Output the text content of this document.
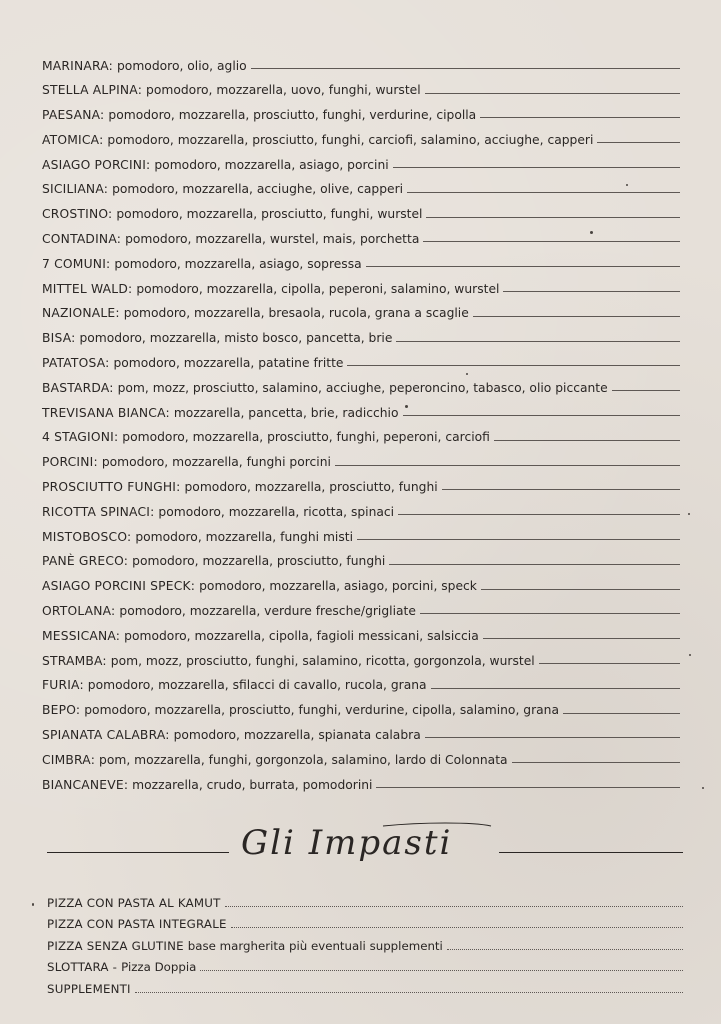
MARINARA: pomodoro, olio, aglio
STELLA ALPINA: pomodoro, mozzarella, uovo, funghi, wurstel
PAESANA: pomodoro, mozzarella, prosciutto, funghi, verdurine, cipolla
ATOMICA: pomodoro, mozzarella, prosciutto, funghi, carciofi, salamino, acciughe, capperi
ASIAGO PORCINI: pomodoro, mozzarella, asiago, porcini
SICILIANA: pomodoro, mozzarella, acciughe, olive, capperi
CROSTINO: pomodoro, mozzarella, prosciutto, funghi, wurstel
CONTADINA: pomodoro, mozzarella, wurstel, mais, porchetta
7 COMUNI: pomodoro, mozzarella, asiago, sopressa
MITTEL WALD: pomodoro, mozzarella, cipolla, peperoni, salamino, wurstel
NAZIONALE: pomodoro, mozzarella, bresaola, rucola, grana a scaglie
BISA: pomodoro, mozzarella, misto bosco, pancetta, brie
PATATOSA: pomodoro, mozzarella, patatine fritte
BASTARDA: pom, mozz, prosciutto, salamino, acciughe, peperoncino, tabasco, olio piccante
TREVISANA BIANCA: mozzarella, pancetta, brie, radicchio
4 STAGIONI: pomodoro, mozzarella, prosciutto, funghi, peperoni, carciofi
PORCINI: pomodoro, mozzarella, funghi porcini
PROSCIUTTO FUNGHI: pomodoro, mozzarella, prosciutto, funghi
RICOTTA SPINACI: pomodoro, mozzarella, ricotta, spinaci
MISTOBOSCO: pomodoro, mozzarella, funghi misti
PANÈ GRECO: pomodoro, mozzarella, prosciutto, funghi
ASIAGO PORCINI SPECK: pomodoro, mozzarella, asiago, porcini, speck
ORTOLANA: pomodoro, mozzarella, verdure fresche/grigliate
MESSICANA: pomodoro, mozzarella, cipolla, fagioli messicani, salsiccia
STRAMBA: pom, mozz, prosciutto, funghi, salamino, ricotta, gorgonzola, wurstel
FURIA: pomodoro, mozzarella, sfilacci di cavallo, rucola, grana
BEPO: pomodoro, mozzarella, prosciutto, funghi, verdurine, cipolla, salamino, grana
SPIANATA CALABRA: pomodoro, mozzarella, spianata calabra
CIMBRA: pom, mozzarella, funghi, gorgonzola, salamino, lardo di Colonnata
BIANCANEVE: mozzarella, crudo, burrata, pomodorini
Gli Impasti
PIZZA CON PASTA AL KAMUT
PIZZA CON PASTA INTEGRALE
PIZZA SENZA GLUTINE base margherita più eventuali supplementi
SLOTTARA - Pizza Doppia
SUPPLEMENTI
